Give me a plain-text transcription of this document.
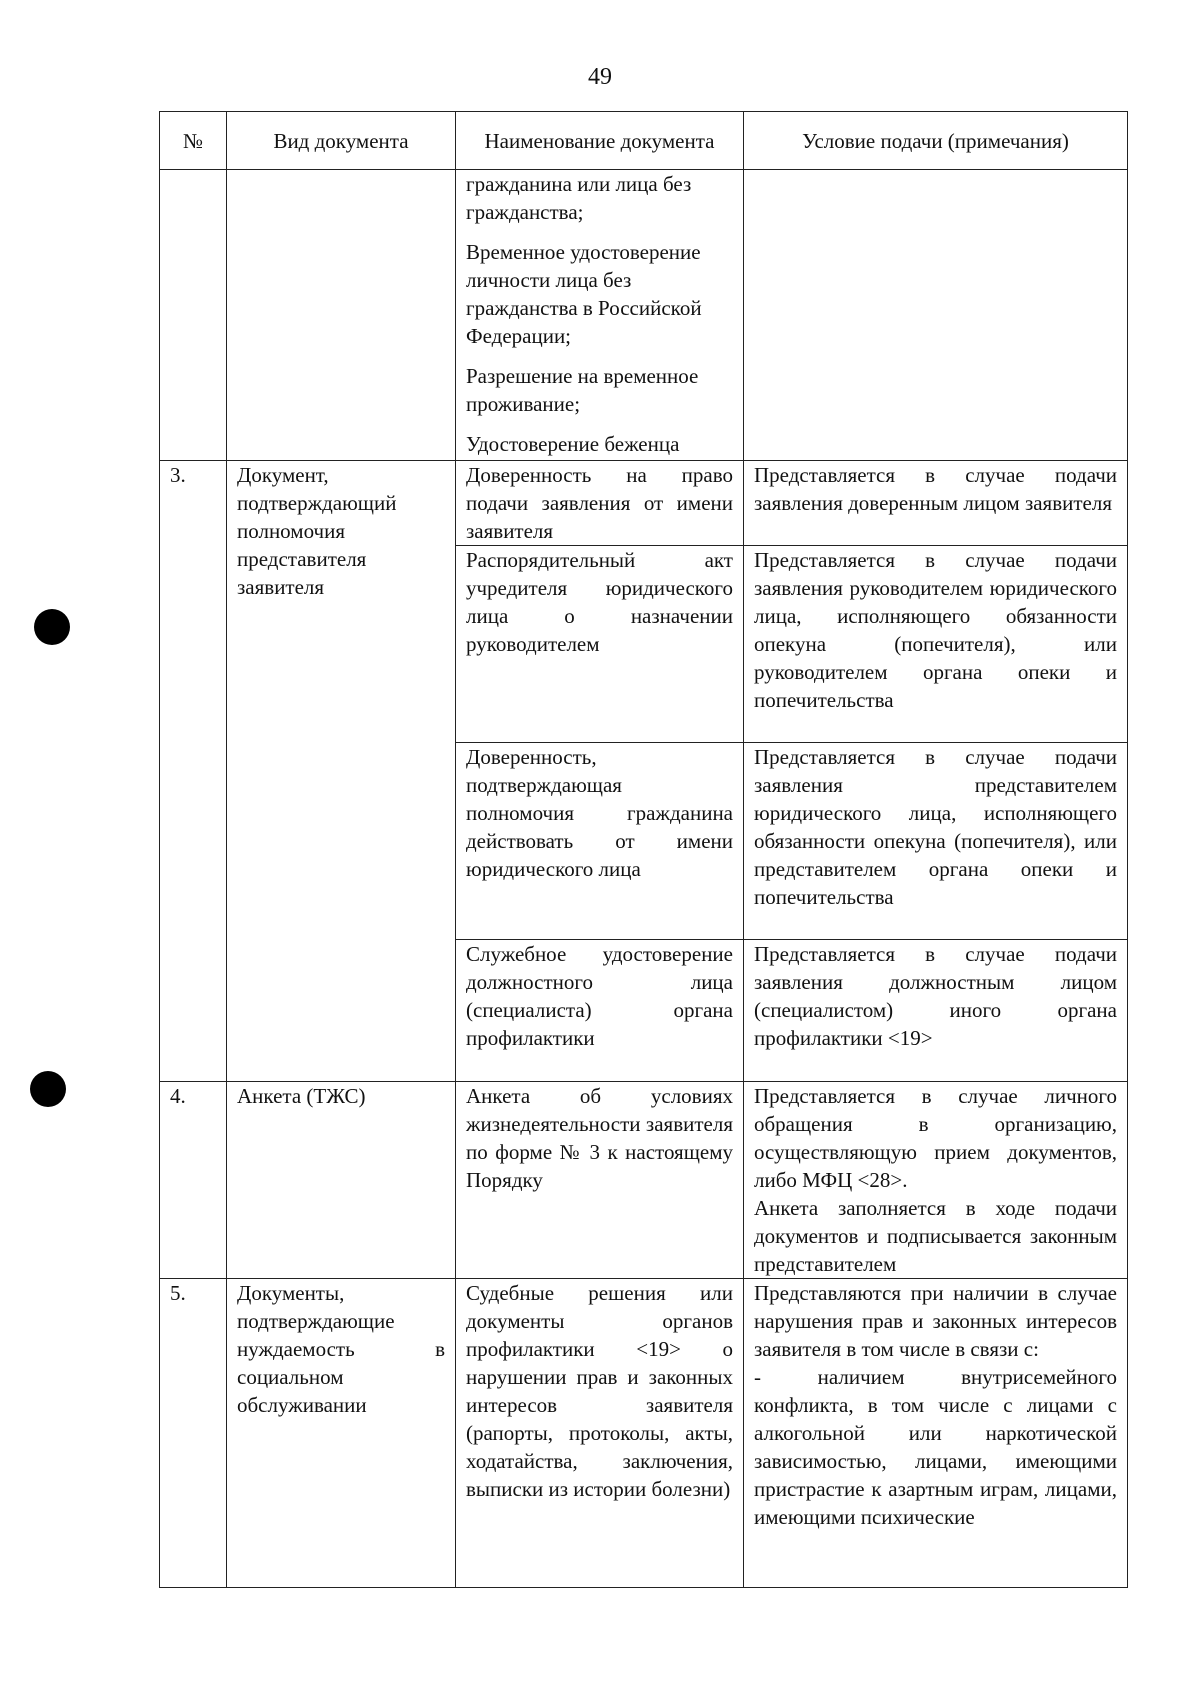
49
№	Вид документа	Наименование документа	Условие подачи (примечания)

		гражданина или лица без гражданства;
Временное удостоверение личности лица без гражданства в Российской Федерации;
Разрешение на временное проживание;
Удостоверение беженца	

3.	Документ, подтверждающий полномочия представителя заявителя	Доверенность на право подачи заявления от имени заявителя	Представляется в случае подачи заявления доверенным лицом заявителя
		Распорядительный акт учредителя юридического лица о назначении руководителем	Представляется в случае подачи заявления руководителем юридического лица, исполняющего обязанности опекуна (попечителя), или руководителем органа опеки и попечительства
		Доверенность, подтверждающая полномочия гражданина действовать от имени юридического лица	Представляется в случае подачи заявления представителем юридического лица, исполняющего обязанности опекуна (попечителя), или представителем органа опеки и попечительства
		Служебное удостоверение должностного лица (специалиста) органа профилактики	Представляется в случае подачи заявления должностным лицом (специалистом) иного органа профилактики <19>
4.	Анкета (ТЖС)	Анкета об условиях жизнедеятельности заявителя по форме № 3 к настоящему Порядку	Представляется в случае личного обращения в организацию, осуществляющую прием документов, либо МФЦ <28>.
Анкета заполняется в ходе подачи документов и подписывается законным представителем

5.	Документы, подтверждающие нуждаемость в социальном обслуживании	Судебные решения или документы органов профилактики <19> о нарушении прав и законных интересов заявителя (рапорты, протоколы, акты, ходатайства, заключения, выписки из истории болезни)	Представляются при наличии в случае нарушения прав и законных интересов заявителя в том числе в связи с:
- наличием внутрисемейного конфликта, в том числе с лицами с алкогольной или наркотической зависимостью, лицами, имеющими пристрастие к азартным играм, лицами, имеющими психические
